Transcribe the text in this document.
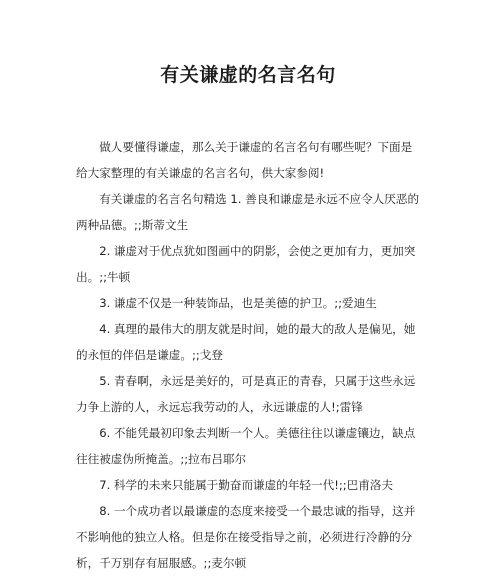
有关谦虚的名言名句

做人要懂得谦虚，那么关于谦虚的名言名句有哪些呢？下面是给大家整理的有关谦虚的名言名句，供大家参阅!

有关谦虚的名言名句精选 1. 善良和谦虚是永远不应令人厌恶的两种品德。;;斯蒂文生

2. 谦虚对于优点犹如图画中的阴影，会使之更加有力，更加突出。;;牛顿

3. 谦虚不仅是一种装饰品，也是美德的护卫。;;爱迪生

4. 真理的最伟大的朋友就是时间，她的最大的敌人是偏见，她的永恒的伴侣是谦虚。;;戈登

5. 青春啊，永远是美好的，可是真正的青春，只属于这些永远力争上游的人，永远忘我劳动的人，永远谦虚的人!;雷锋

6. 不能凭最初印象去判断一个人。美德往往以谦虚镶边，缺点往往被虚伪所掩盖。;;拉布吕耶尔

7. 科学的未来只能属于勤奋而谦虚的年轻一代!;;巴甫洛夫

8. 一个成功者以最谦虚的态度来接受一个最忠诚的指导，这并不影响他的独立人格。但是你在接受指导之前，必须进行冷静的分析，千万别存有屈服感。;;麦尔顿
